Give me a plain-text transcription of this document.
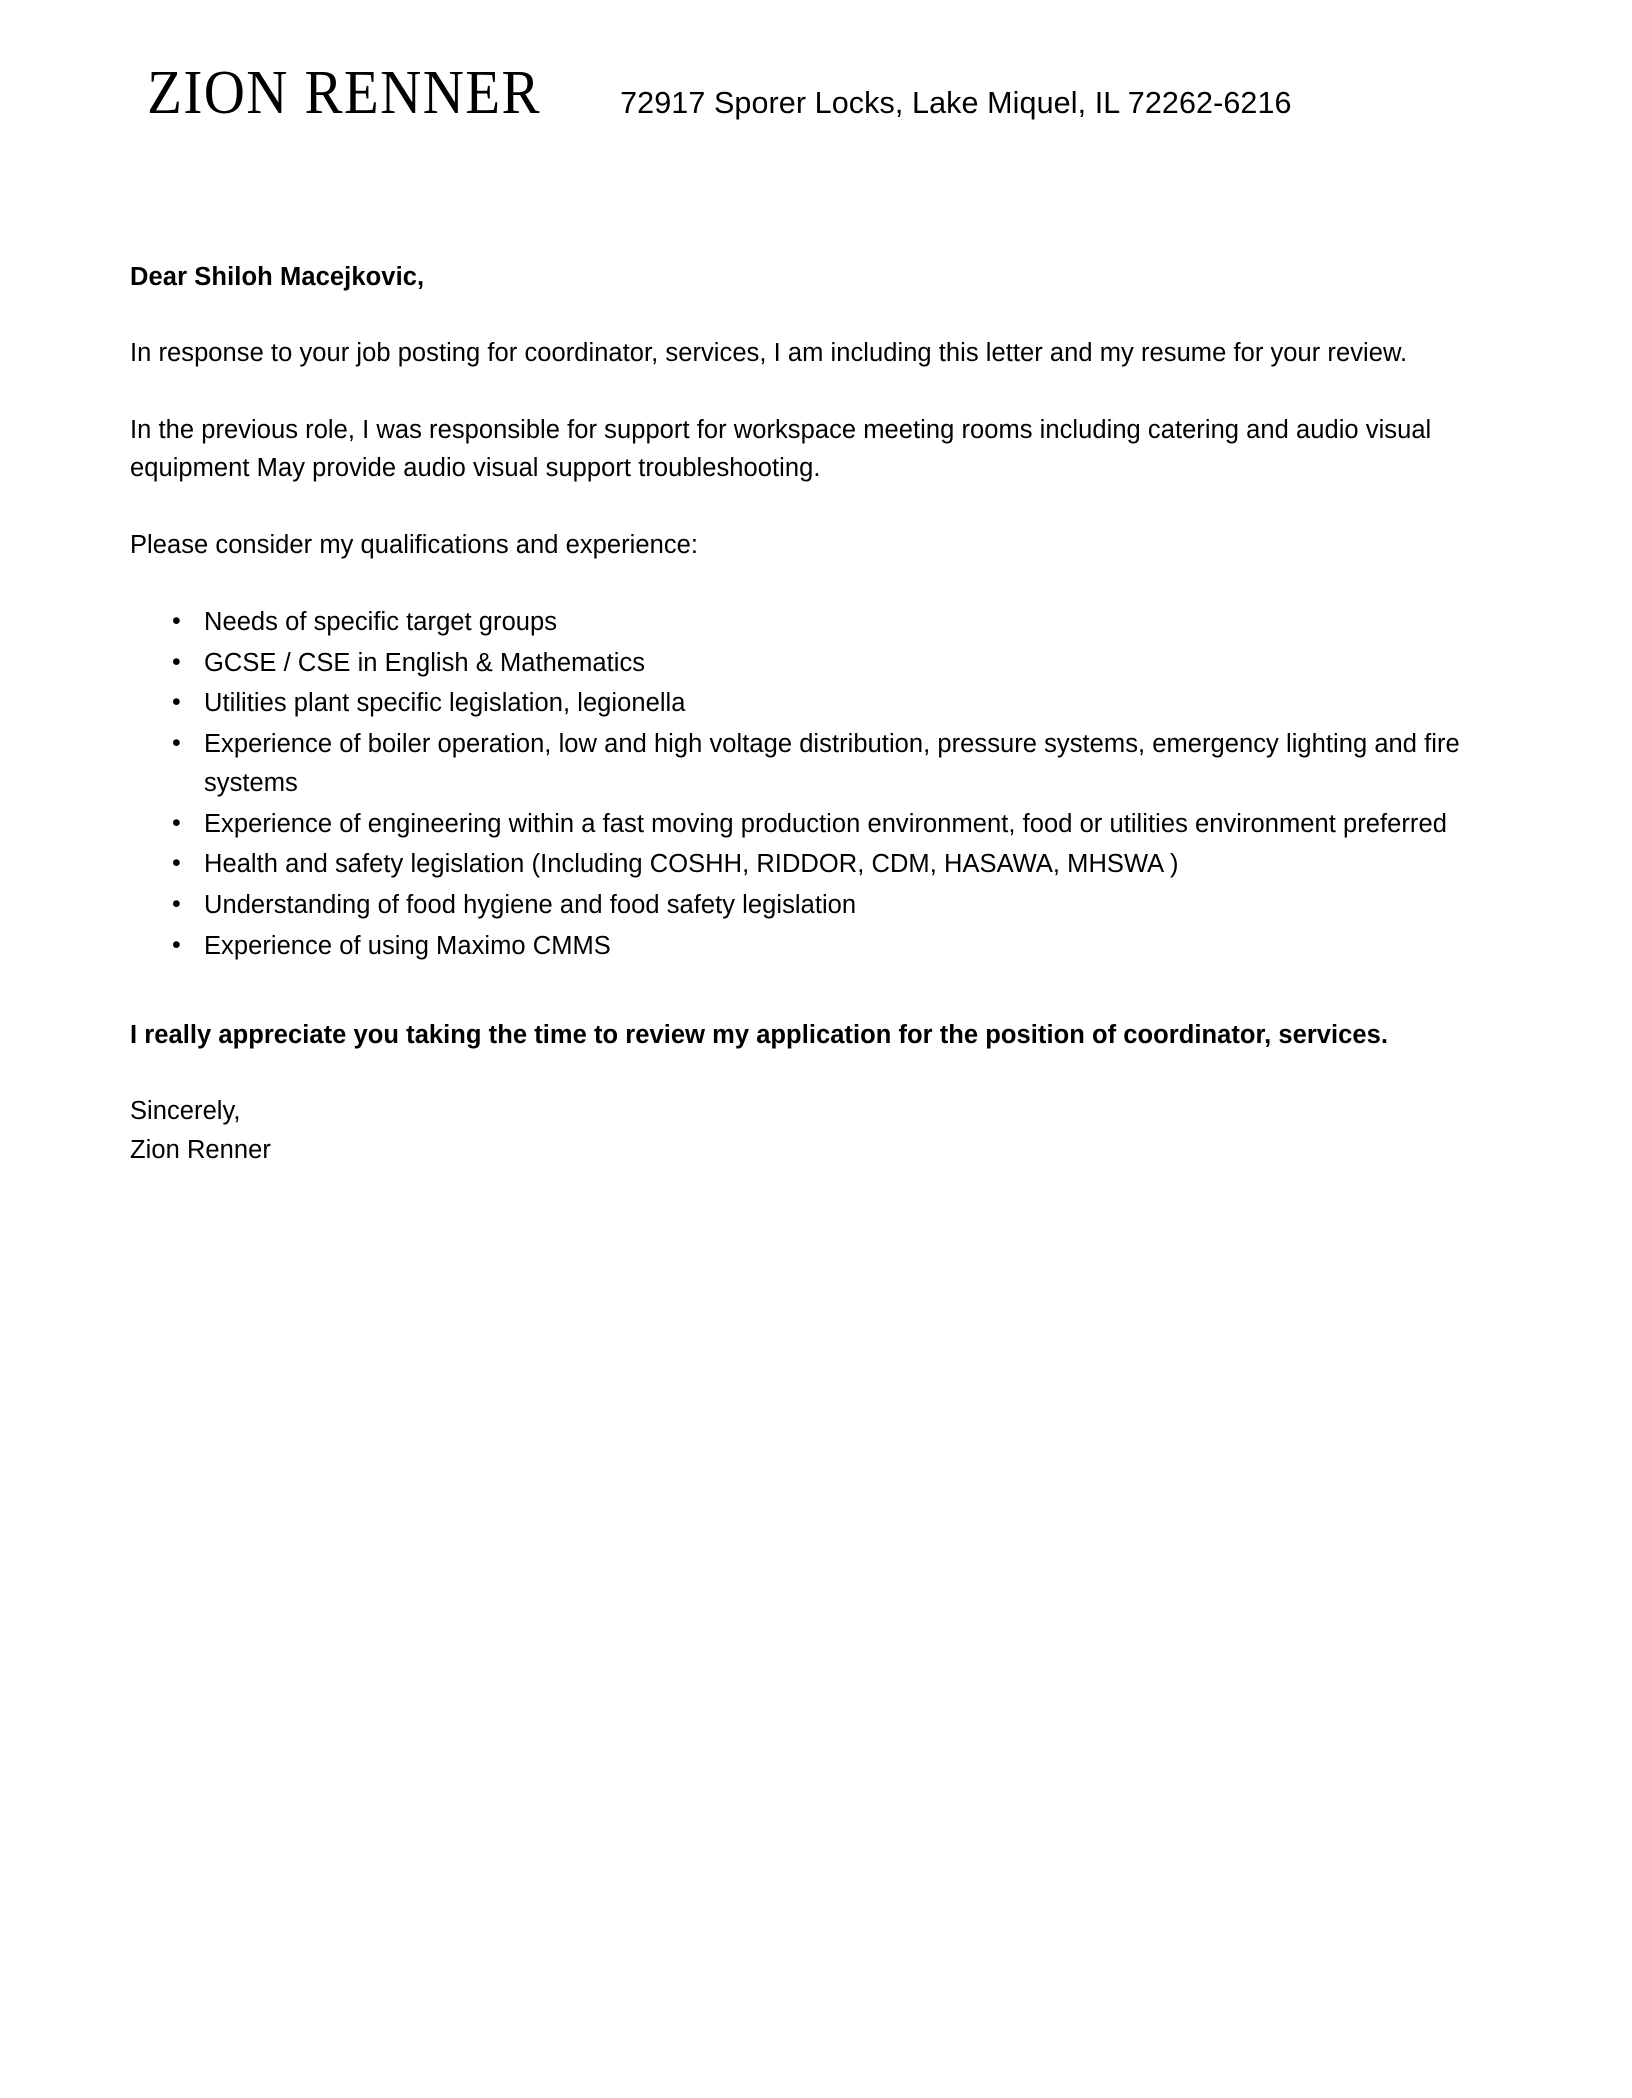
ZION RENNER	72917 Sporer Locks, Lake Miquel, IL 72262-6216

Dear Shiloh Macejkovic,

In response to your job posting for coordinator, services, I am including this letter and my resume for your review.

In the previous role, I was responsible for support for workspace meeting rooms including catering and audio visual equipment May provide audio visual support troubleshooting.

Please consider my qualifications and experience:

• Needs of specific target groups
• GCSE / CSE in English & Mathematics
• Utilities plant specific legislation, legionella
• Experience of boiler operation, low and high voltage distribution, pressure systems, emergency lighting and fire systems
• Experience of engineering within a fast moving production environment, food or utilities environment preferred
• Health and safety legislation (Including COSHH, RIDDOR, CDM, HASAWA, MHSWA )
• Understanding of food hygiene and food safety legislation
• Experience of using Maximo CMMS

I really appreciate you taking the time to review my application for the position of coordinator, services.

Sincerely,
Zion Renner
